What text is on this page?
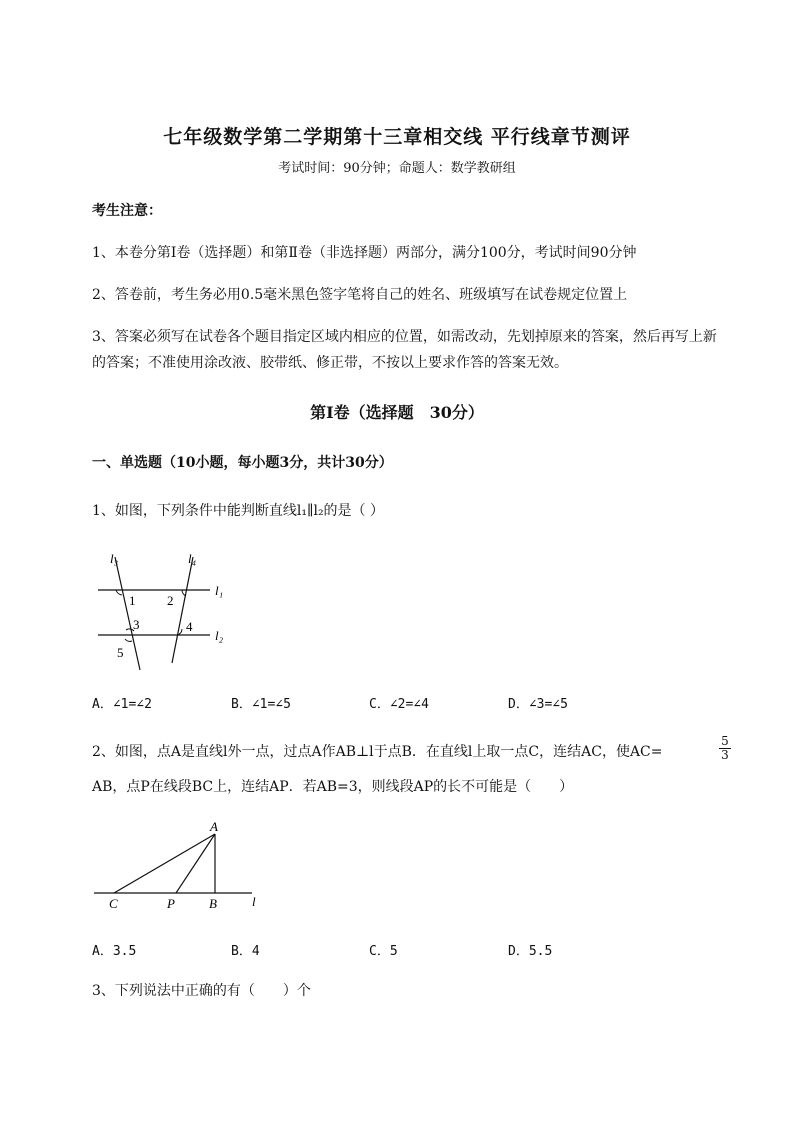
七年级数学第二学期第十三章相交线 平行线章节测评
考试时间：90分钟；命题人：数学教研组
考生注意：
1、本卷分第Ⅰ卷（选择题）和第Ⅱ卷（非选择题）两部分，满分100分，考试时间90分钟
2、答卷前，考生务必用0.5毫米黑色签字笔将自己的姓名、班级填写在试卷规定位置上
3、答案必须写在试卷各个题目指定区域内相应的位置，如需改动，先划掉原来的答案，然后再写上新
的答案；不准使用涂改液、胶带纸、修正带，不按以上要求作答的答案无效。
第Ⅰ卷（选择题　30分）
一、单选题（10小题，每小题3分，共计30分）
1、如图，下列条件中能判断直线l₁∥l₂的是（ ）
l₃	l₄
l₁
l₂
1 2
3	4
5
A．∠1=∠2	B．∠1=∠5	C．∠2=∠4	D．∠3=∠5
2、如图，点A是直线l外一点，过点A作AB⊥l于点B．在直线l上取一点C，连结AC，使AC=	$\frac{5}{3}$
AB，点P在线段BC上，连结AP．若AB=3，则线段AP的长不可能是（　　）
A
C	P	B	l
A．3.5	B．4	C．5	D．5.5
3、下列说法中正确的有（　　）个
